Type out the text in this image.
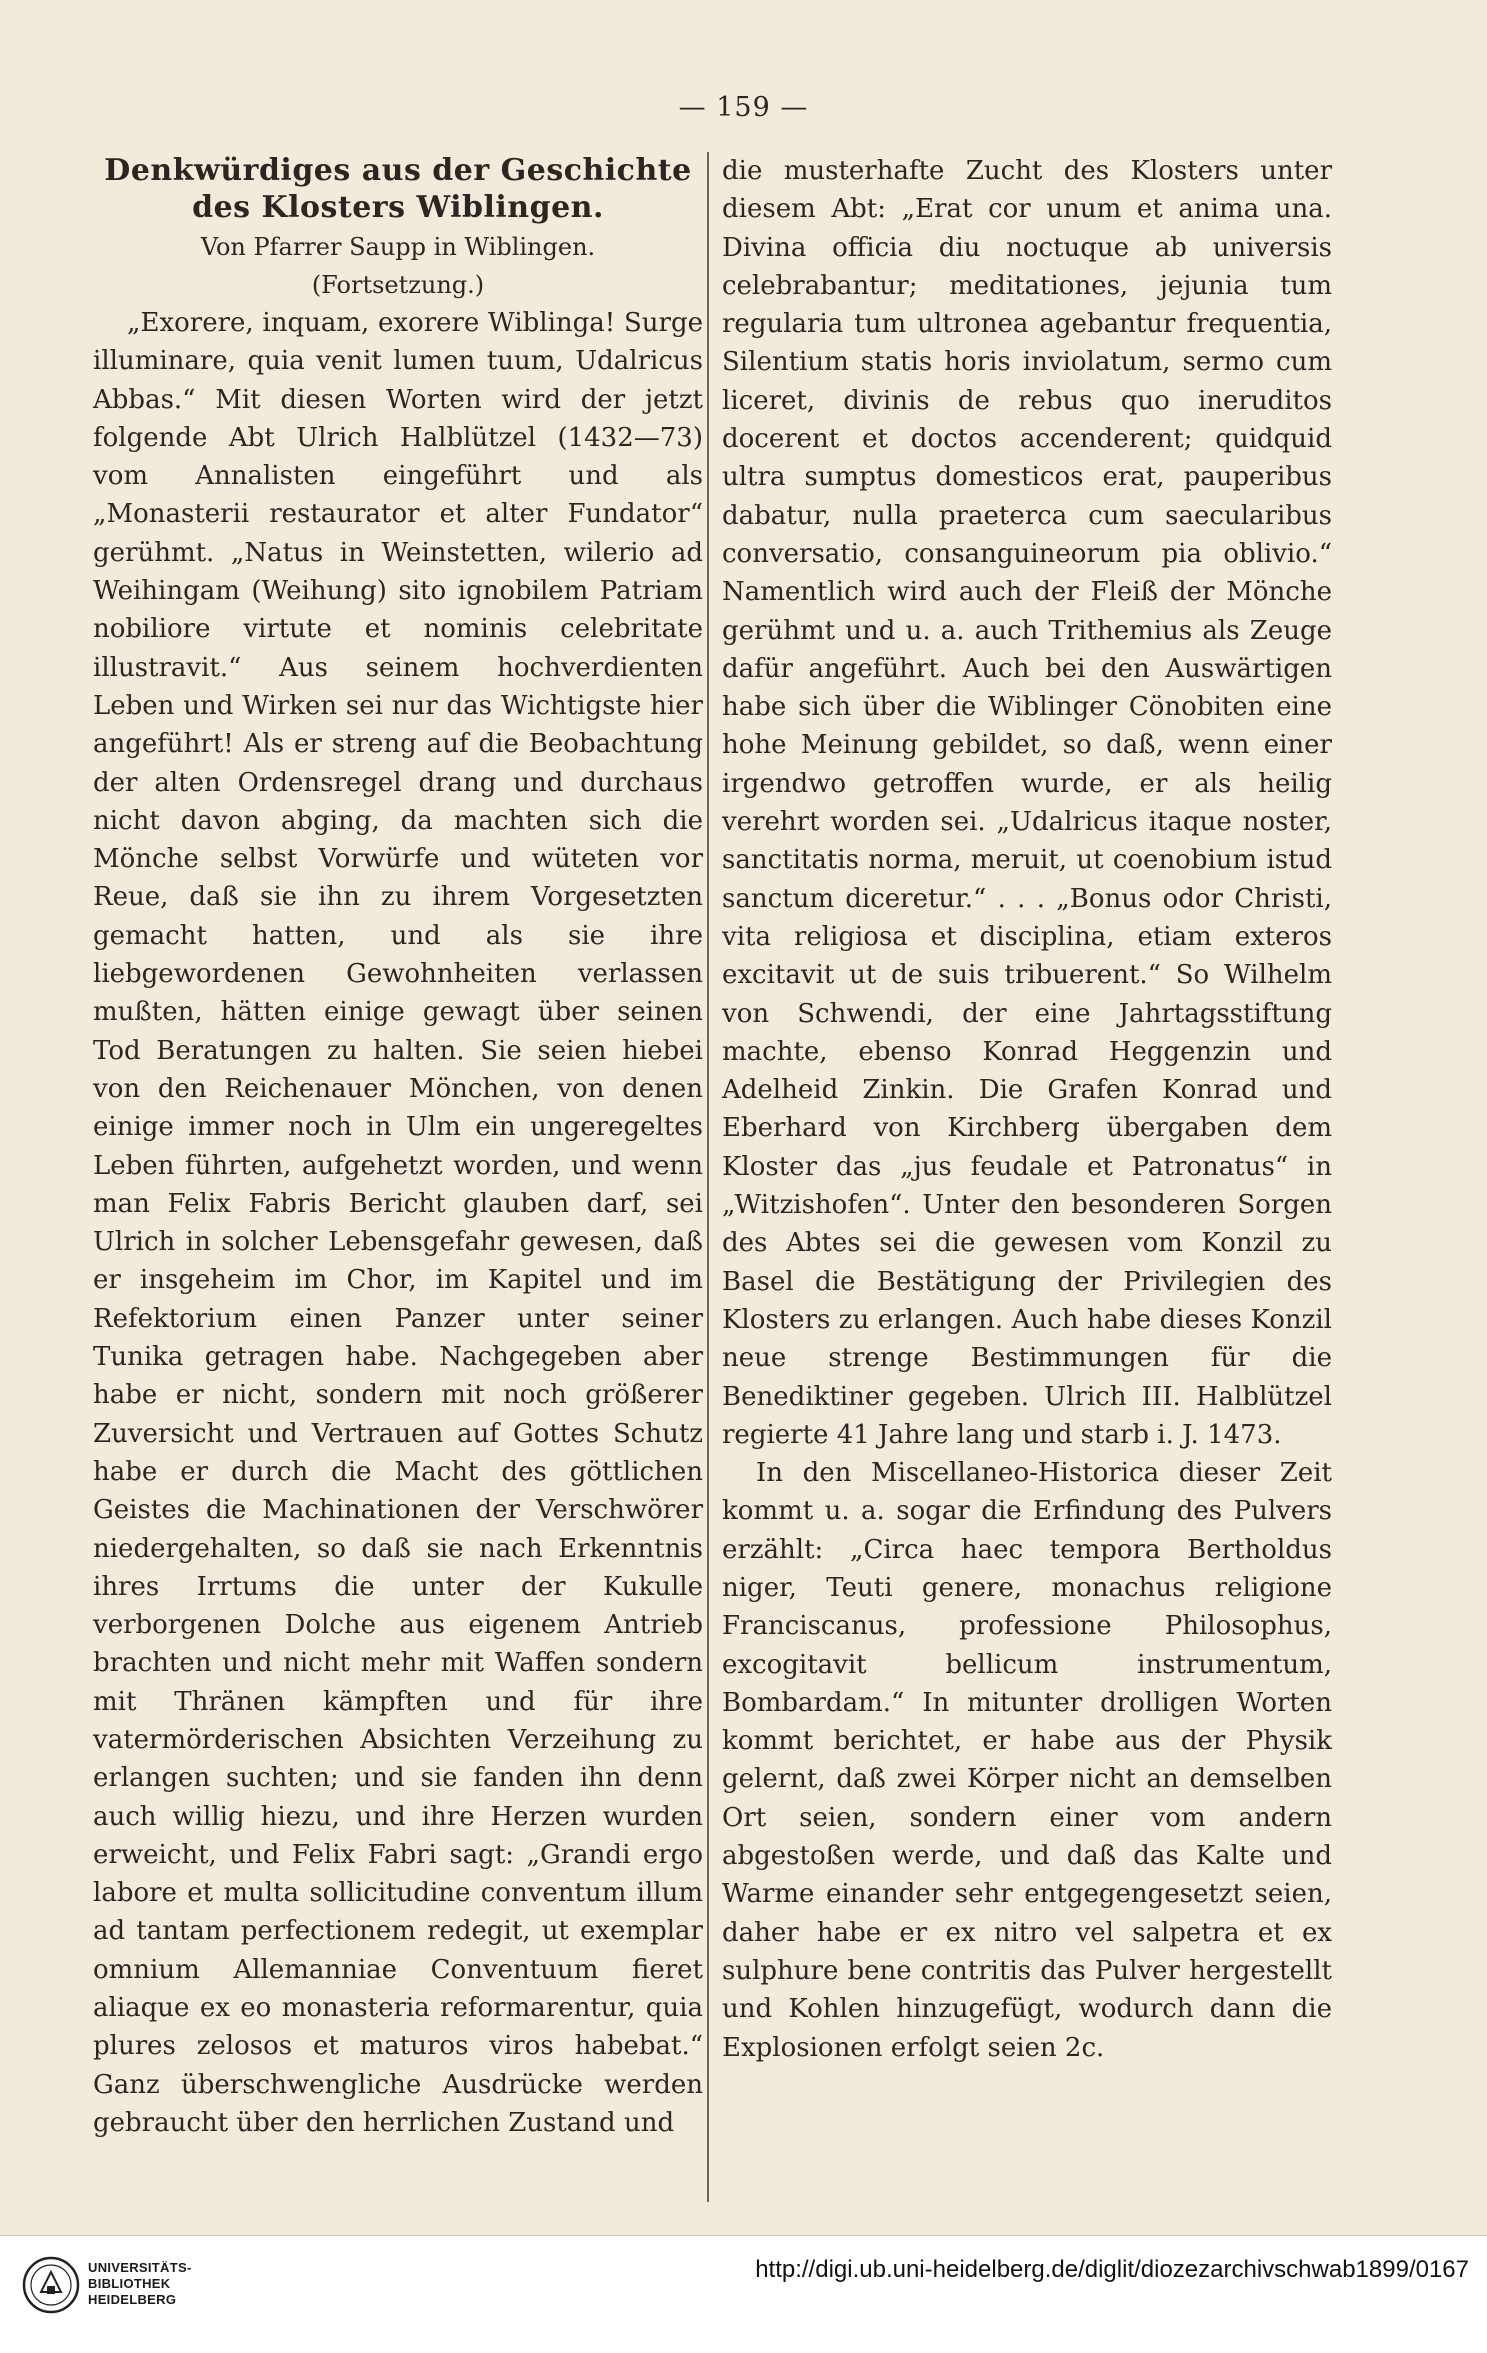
— 159 —
Denkwürdiges aus der Geschichte des Klosters Wiblingen.
Von Pfarrer Saupp in Wiblingen.
(Fortsetzung.)

„Exorere, inquam, exorere Wiblinga! Surge illuminare, quia venit lumen tuum, Udalricus Abbas.“ Mit diesen Worten wird der jetzt folgende Abt Ulrich Halblützel (1432—73) vom Annalisten eingeführt und als „Monasterii restaurator et alter Fundator“ gerühmt. „Natus in Weinstetten, wilerio ad Weihingam (Weihung) sito ignobilem Patriam nobiliore virtute et nominis celebritate illustravit.“ Aus seinem hochverdienten Leben und Wirken sei nur das Wichtigste hier angeführt! Als er streng auf die Beobachtung der alten Ordensregel drang und durchaus nicht davon abging, da machten sich die Mönche selbst Vorwürfe und wüteten vor Reue, daß sie ihn zu ihrem Vorgesetzten gemacht hatten, und als sie ihre liebgewordenen Gewohnheiten verlassen mußten, hätten einige gewagt über seinen Tod Beratungen zu halten. Sie seien hiebei von den Reichenauer Mönchen, von denen einige immer noch in Ulm ein ungeregeltes Leben führten, aufgehetzt worden, und wenn man Felix Fabris Bericht glauben darf, sei Ulrich in solcher Lebensgefahr gewesen, daß er insgeheim im Chor, im Kapitel und im Refektorium einen Panzer unter seiner Tunika getragen habe. Nachgegeben aber habe er nicht, sondern mit noch größerer Zuversicht und Vertrauen auf Gottes Schutz habe er durch die Macht des göttlichen Geistes die Machinationen der Verschwörer niedergehalten, so daß sie nach Erkenntnis ihres Irrtums die unter der Kukulle verborgenen Dolche aus eigenem Antrieb brachten und nicht mehr mit Waffen sondern mit Thränen kämpften und für ihre vatermörderischen Absichten Verzeihung zu erlangen suchten; und sie fanden ihn denn auch willig hiezu, und ihre Herzen wurden erweicht, und Felix Fabri sagt: „Grandi ergo labore et multa sollicitudine conventum illum ad tantam perfectionem redegit, ut exemplar omnium Allemanniae Conventuum fieret aliaque ex eo monasteria reformarentur, quia plures zelosos et maturos viros habebat.“ Ganz überschwengliche Ausdrücke werden gebraucht über den herrlichen Zustand und

die musterhafte Zucht des Klosters unter diesem Abt: „Erat cor unum et anima una. Divina officia diu noctuque ab universis celebrabantur; meditationes, jejunia tum regularia tum ultronea agebantur frequentia, Silentium statis horis inviolatum, sermo cum liceret, divinis de rebus quo ineruditos docerent et doctos accenderent; quidquid ultra sumptus domesticos erat, pauperibus dabatur, nulla praeterca cum saecularibus conversatio, consanguineorum pia oblivio.“ Namentlich wird auch der Fleiß der Mönche gerühmt und u. a. auch Trithemius als Zeuge dafür angeführt. Auch bei den Auswärtigen habe sich über die Wiblinger Cönobiten eine hohe Meinung gebildet, so daß, wenn einer irgendwo getroffen wurde, er als heilig verehrt worden sei. „Udalricus itaque noster, sanctitatis norma, meruit, ut coenobium istud sanctum diceretur.“ . . . „Bonus odor Christi, vita religiosa et disciplina, etiam exteros excitavit ut de suis tribuerent.“ So Wilhelm von Schwendi, der eine Jahrtagsstiftung machte, ebenso Konrad Heggenzin und Adelheid Zinkin. Die Grafen Konrad und Eberhard von Kirchberg übergaben dem Kloster das „jus feudale et Patronatus“ in „Witzishofen“. Unter den besonderen Sorgen des Abtes sei die gewesen vom Konzil zu Basel die Bestätigung der Privilegien des Klosters zu erlangen. Auch habe dieses Konzil neue strenge Bestimmungen für die Benediktiner gegeben. Ulrich III. Halblützel regierte 41 Jahre lang und starb i. J. 1473.

In den Miscellaneo-Historica dieser Zeit kommt u. a. sogar die Erfindung des Pulvers erzählt: „Circa haec tempora Bertholdus niger, Teuti genere, monachus religione Franciscanus, professione Philosophus, excogitavit bellicum instrumentum, Bombardam.“ In mitunter drolligen Worten kommt berichtet, er habe aus der Physik gelernt, daß zwei Körper nicht an demselben Ort seien, sondern einer vom andern abgestoßen werde, und daß das Kalte und Warme einander sehr entgegengesetzt seien, daher habe er ex nitro vel salpetra et ex sulphure bene contritis das Pulver hergestellt und Kohlen hinzugefügt, wodurch dann die Explosionen erfolgt seien 2c.

UNIVERSITÄTS-
BIBLIOTHEK
HEIDELBERG
http://digi.ub.uni-heidelberg.de/diglit/diozezarchivschwab1899/0167
